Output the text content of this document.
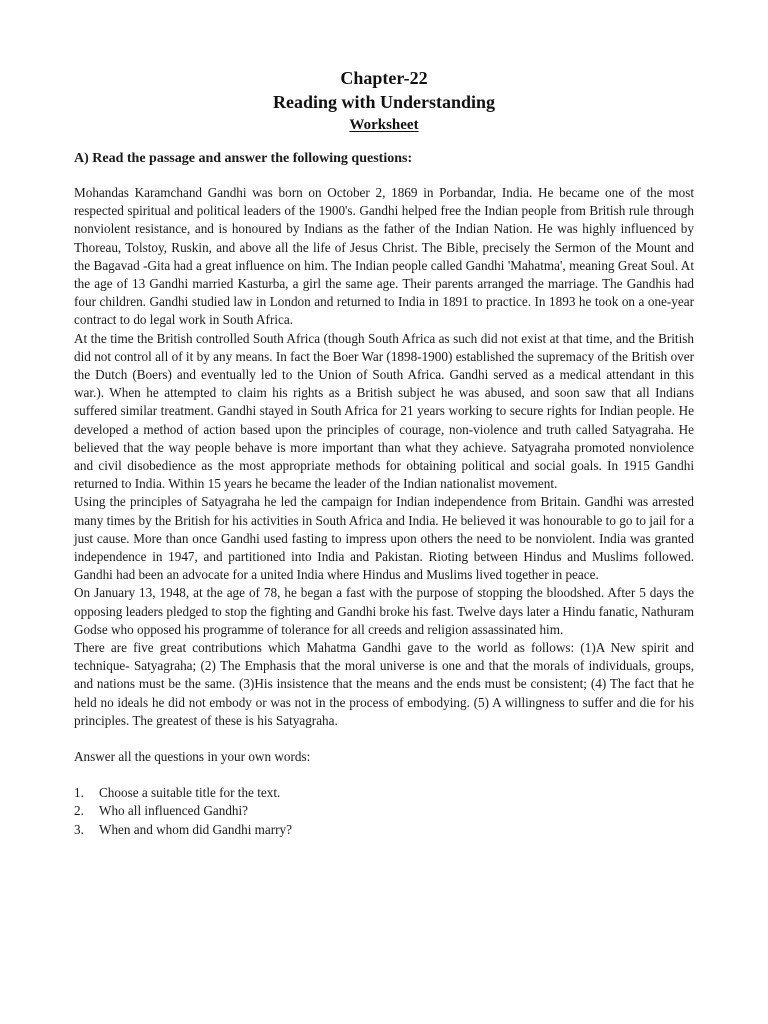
Chapter-22
Reading with Understanding
Worksheet
A) Read the passage and answer the following questions:

Mohandas Karamchand Gandhi was born on October 2, 1869 in Porbandar, India. He became one of the most respected spiritual and political leaders of the 1900's. Gandhi helped free the Indian people from British rule through nonviolent resistance, and is honoured by Indians as the father of the Indian Nation. He was highly influenced by Thoreau, Tolstoy, Ruskin, and above all the life of Jesus Christ. The Bible, precisely the Sermon of the Mount and the Bagavad -Gita had a great influence on him. The Indian people called Gandhi 'Mahatma', meaning Great Soul. At the age of 13 Gandhi married Kasturba, a girl the same age. Their parents arranged the marriage. The Gandhis had four children. Gandhi studied law in London and returned to India in 1891 to practice. In 1893 he took on a one-year contract to do legal work in South Africa.

At the time the British controlled South Africa (though South Africa as such did not exist at that time, and the British did not control all of it by any means. In fact the Boer War (1898-1900) established the supremacy of the British over the Dutch (Boers) and eventually led to the Union of South Africa. Gandhi served as a medical attendant in this war.). When he attempted to claim his rights as a British subject he was abused, and soon saw that all Indians suffered similar treatment. Gandhi stayed in South Africa for 21 years working to secure rights for Indian people. He developed a method of action based upon the principles of courage, non-violence and truth called Satyagraha. He believed that the way people behave is more important than what they achieve. Satyagraha promoted nonviolence and civil disobedience as the most appropriate methods for obtaining political and social goals. In 1915 Gandhi returned to India. Within 15 years he became the leader of the Indian nationalist movement.

Using the principles of Satyagraha he led the campaign for Indian independence from Britain. Gandhi was arrested many times by the British for his activities in South Africa and India. He believed it was honourable to go to jail for a just cause. More than once Gandhi used fasting to impress upon others the need to be nonviolent. India was granted independence in 1947, and partitioned into India and Pakistan. Rioting between Hindus and Muslims followed. Gandhi had been an advocate for a united India where Hindus and Muslims lived together in peace.

On January 13, 1948, at the age of 78, he began a fast with the purpose of stopping the bloodshed. After 5 days the opposing leaders pledged to stop the fighting and Gandhi broke his fast. Twelve days later a Hindu fanatic, Nathuram Godse who opposed his programme of tolerance for all creeds and religion assassinated him.

There are five great contributions which Mahatma Gandhi gave to the world as follows: (1)A New spirit and technique- Satyagraha; (2) The Emphasis that the moral universe is one and that the morals of individuals, groups, and nations must be the same. (3)His insistence that the means and the ends must be consistent; (4) The fact that he held no ideals he did not embody or was not in the process of embodying. (5) A willingness to suffer and die for his principles. The greatest of these is his Satyagraha.

Answer all the questions in your own words:
1.	Choose a suitable title for the text.
2.	Who all influenced Gandhi?
3.	When and whom did Gandhi marry?
